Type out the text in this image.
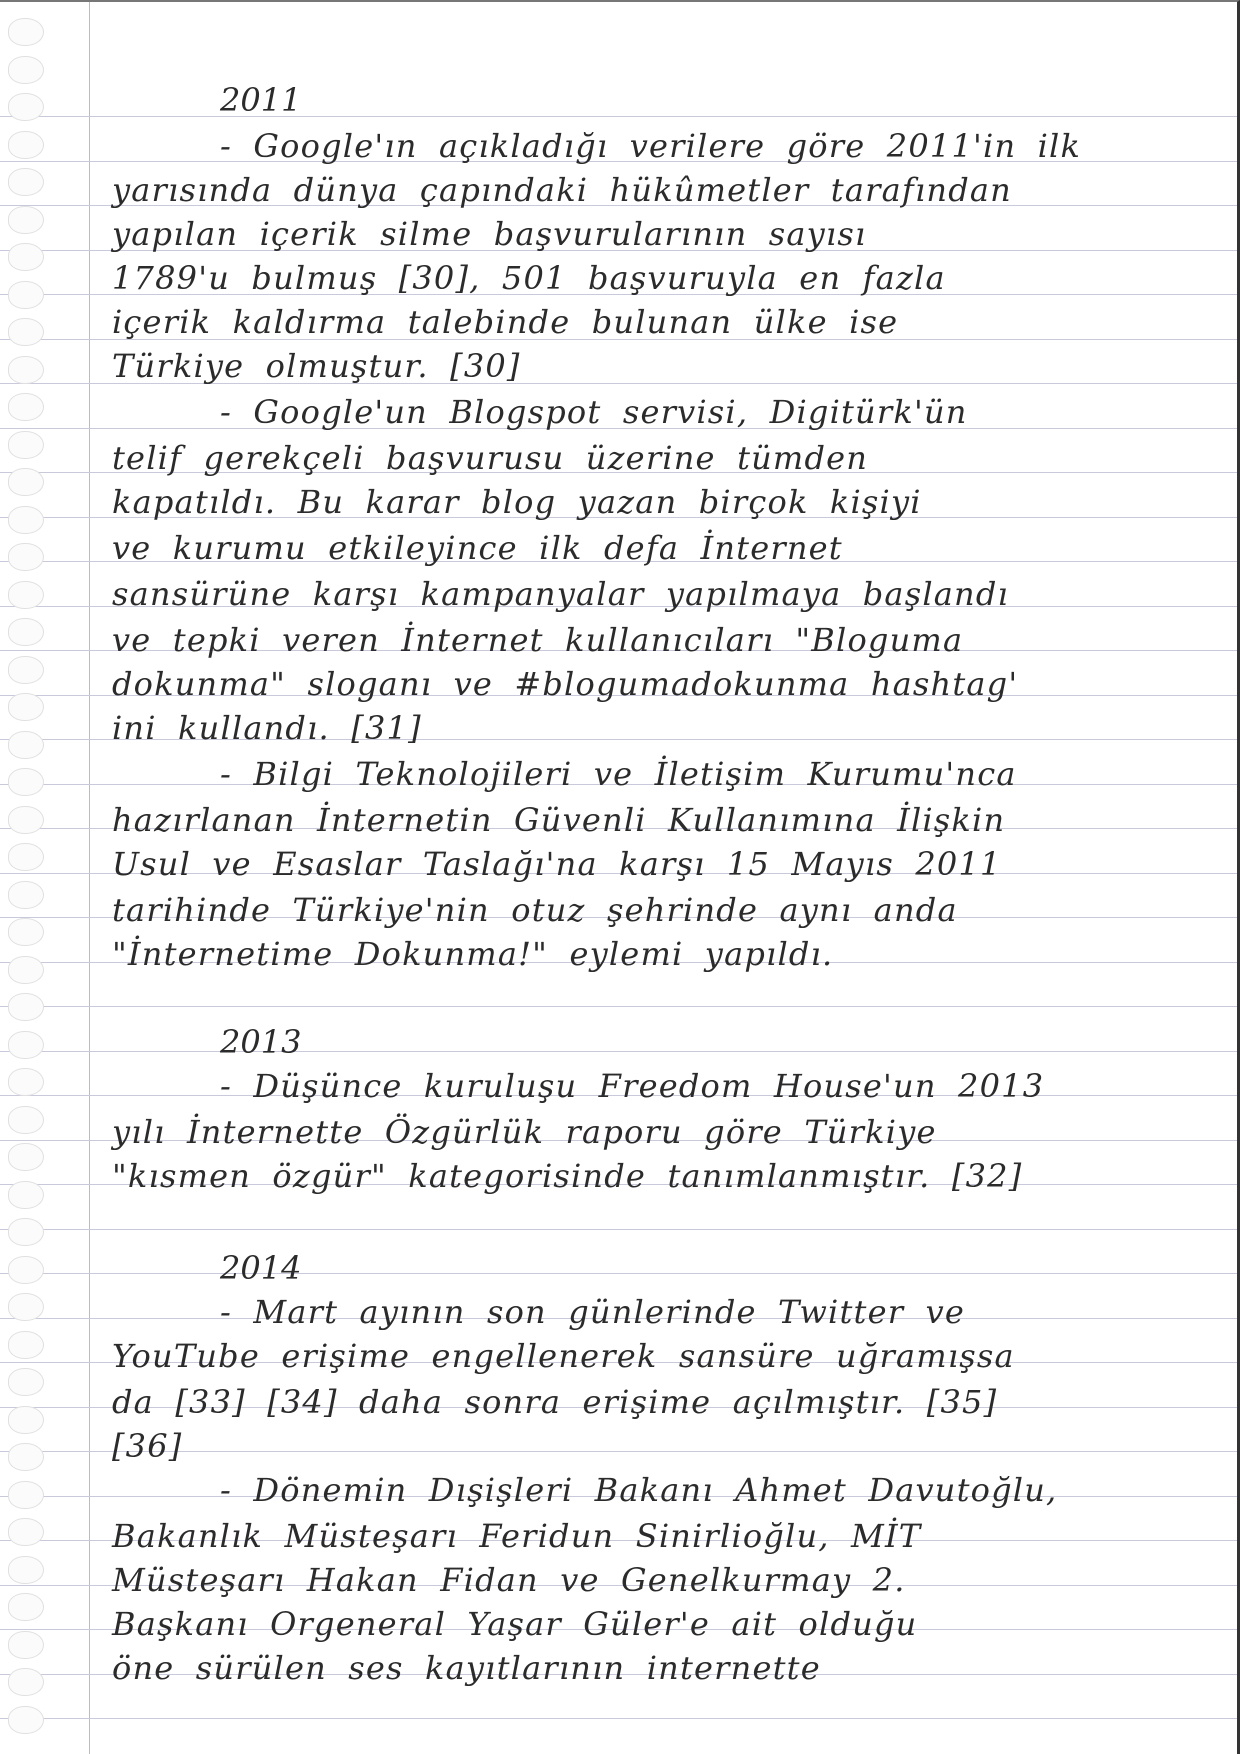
2011
- Google'ın açıkladığı verilere göre 2011'in ilk
yarısında dünya çapındaki hükûmetler tarafından
yapılan içerik silme başvurularının sayısı
1789'u bulmuş [30], 501 başvuruyla en fazla
içerik kaldırma talebinde bulunan ülke ise
Türkiye olmuştur. [30]
- Google'un Blogspot servisi, Digitürk'ün
telif gerekçeli başvurusu üzerine tümden
kapatıldı. Bu karar blog yazan birçok kişiyi
ve kurumu etkileyince ilk defa İnternet
sansürüne karşı kampanyalar yapılmaya başlandı
ve tepki veren İnternet kullanıcıları "Bloguma
dokunma" sloganı ve #blogumadokunma hashtag'
ini kullandı. [31]
- Bilgi Teknolojileri ve İletişim Kurumu'nca
hazırlanan İnternetin Güvenli Kullanımına İlişkin
Usul ve Esaslar Taslağı'na karşı 15 Mayıs 2011
tarihinde Türkiye'nin otuz şehrinde aynı anda
"İnternetime Dokunma!" eylemi yapıldı.
2013
- Düşünce kuruluşu Freedom House'un 2013
yılı İnternette Özgürlük raporu göre Türkiye
"kısmen özgür" kategorisinde tanımlanmıştır. [32]
2014
- Mart ayının son günlerinde Twitter ve
YouTube erişime engellenerek sansüre uğramışsa
da [33] [34] daha sonra erişime açılmıştır. [35]
[36]
- Dönemin Dışişleri Bakanı Ahmet Davutoğlu,
Bakanlık Müsteşarı Feridun Sinirlioğlu, MİT
Müsteşarı Hakan Fidan ve Genelkurmay 2.
Başkanı Orgeneral Yaşar Güler'e ait olduğu
öne sürülen ses kayıtlarının internette
